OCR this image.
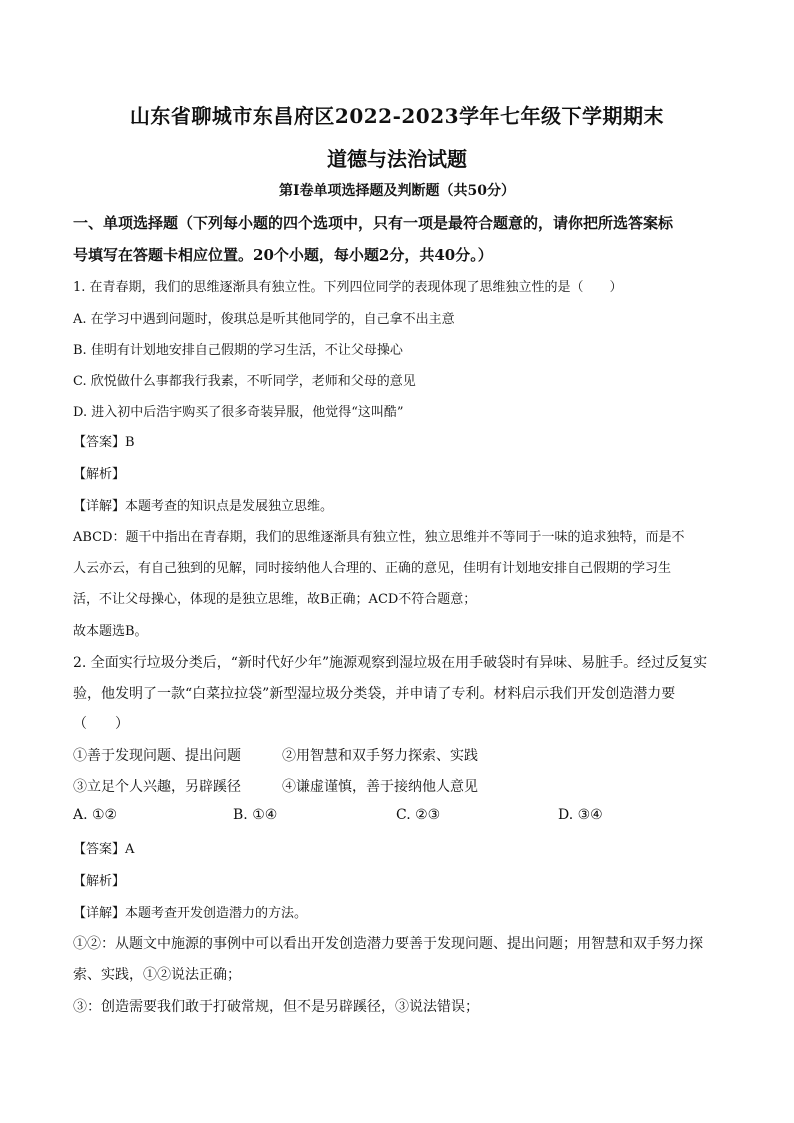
山东省聊城市东昌府区2022-2023学年七年级下学期期末
道德与法治试题
第I卷单项选择题及判断题（共50分）
一、单项选择题（下列每小题的四个选项中，只有一项是最符合题意的，请你把所选答案标
号填写在答题卡相应位置。20个小题，每小题2分，共40分。）
1. 在青春期，我们的思维逐渐具有独立性。下列四位同学的表现体现了思维独立性的是（　　）
A. 在学习中遇到问题时，俊琪总是听其他同学的，自己拿不出主意
B. 佳明有计划地安排自己假期的学习生活，不让父母操心
C. 欣悦做什么事都我行我素，不听同学，老师和父母的意见
D. 进入初中后浩宇购买了很多奇装异服，他觉得“这叫酷”
【答案】B
【解析】
【详解】本题考查的知识点是发展独立思维。
ABCD：题干中指出在青春期，我们的思维逐渐具有独立性，独立思维并不等同于一味的追求独特，而是不
人云亦云，有自己独到的见解，同时接纳他人合理的、正确的意见，佳明有计划地安排自己假期的学习生
活，不让父母操心，体现的是独立思维，故B正确；ACD不符合题意；
故本题选B。
2. 全面实行垃圾分类后，“新时代好少年”施源观察到湿垃圾在用手破袋时有异味、易脏手。经过反复实
验，他发明了一款“白菜拉拉袋”新型湿垃圾分类袋，并申请了专利。材料启示我们开发创造潜力要
（　　）
①善于发现问题、提出问题	②用智慧和双手努力探索、实践
③立足个人兴趣，另辟蹊径	④谦虚谨慎，善于接纳他人意见
A. ①②	B. ①④	C. ②③	D. ③④
【答案】A
【解析】
【详解】本题考查开发创造潜力的方法。
①②：从题文中施源的事例中可以看出开发创造潜力要善于发现问题、提出问题；用智慧和双手努力探
索、实践，①②说法正确；
③：创造需要我们敢于打破常规，但不是另辟蹊径，③说法错误；
